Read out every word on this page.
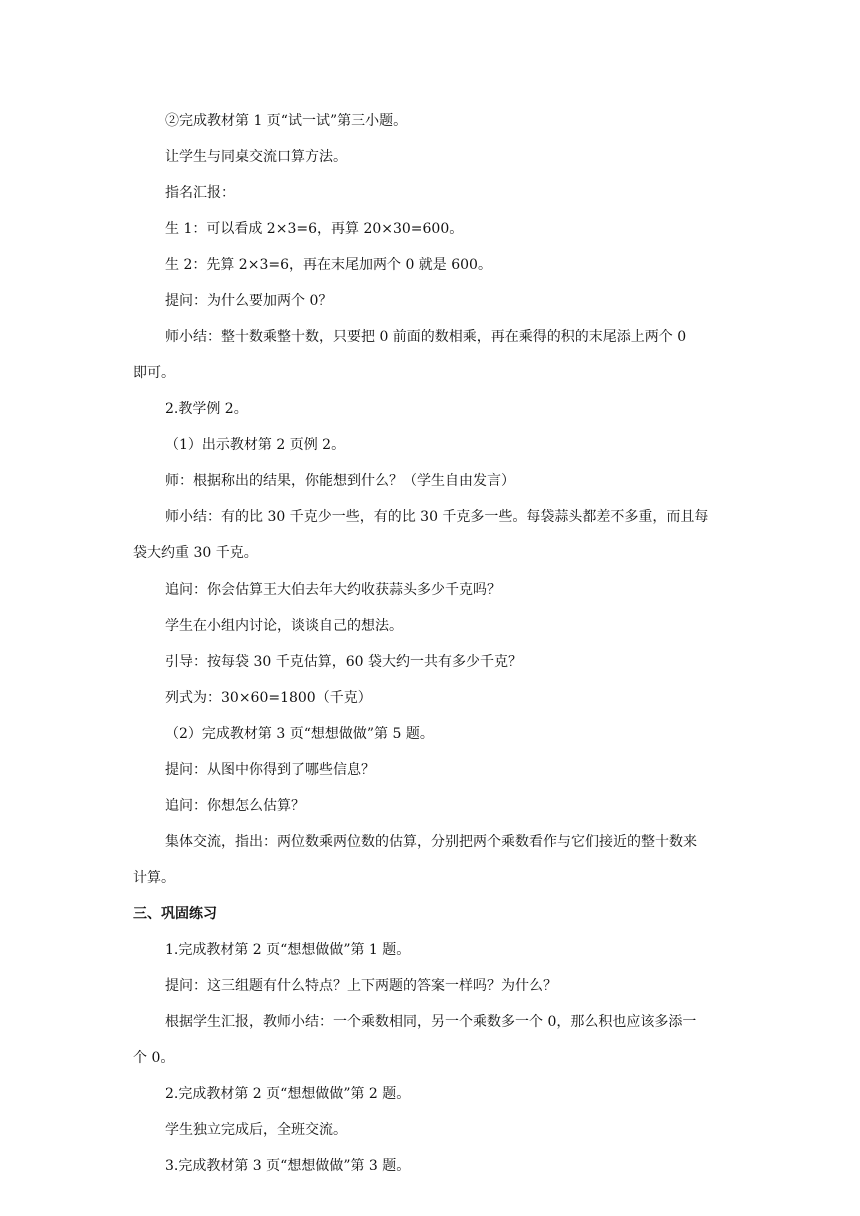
②完成教材第 1 页“试一试”第三小题。
让学生与同桌交流口算方法。
指名汇报：
生 1：可以看成 2×3=6，再算 20×30=600。
生 2：先算 2×3=6，再在末尾加两个 0 就是 600。
提问：为什么要加两个 0？
师小结：整十数乘整十数，只要把 0 前面的数相乘，再在乘得的积的末尾添上两个 0
即可。
2.教学例 2。
（1）出示教材第 2 页例 2。
师：根据称出的结果，你能想到什么？（学生自由发言）
师小结：有的比 30 千克少一些，有的比 30 千克多一些。每袋蒜头都差不多重，而且每
袋大约重 30 千克。
追问：你会估算王大伯去年大约收获蒜头多少千克吗？
学生在小组内讨论，谈谈自己的想法。
引导：按每袋 30 千克估算，60 袋大约一共有多少千克？
列式为：30×60=1800（千克）
（2）完成教材第 3 页“想想做做”第 5 题。
提问：从图中你得到了哪些信息？
追问：你想怎么估算？
集体交流，指出：两位数乘两位数的估算，分别把两个乘数看作与它们接近的整十数来
计算。
三、巩固练习
1.完成教材第 2 页“想想做做”第 1 题。
提问：这三组题有什么特点？上下两题的答案一样吗？为什么？
根据学生汇报，教师小结：一个乘数相同，另一个乘数多一个 0，那么积也应该多添一
个 0。
2.完成教材第 2 页“想想做做”第 2 题。
学生独立完成后，全班交流。
3.完成教材第 3 页“想想做做”第 3 题。
